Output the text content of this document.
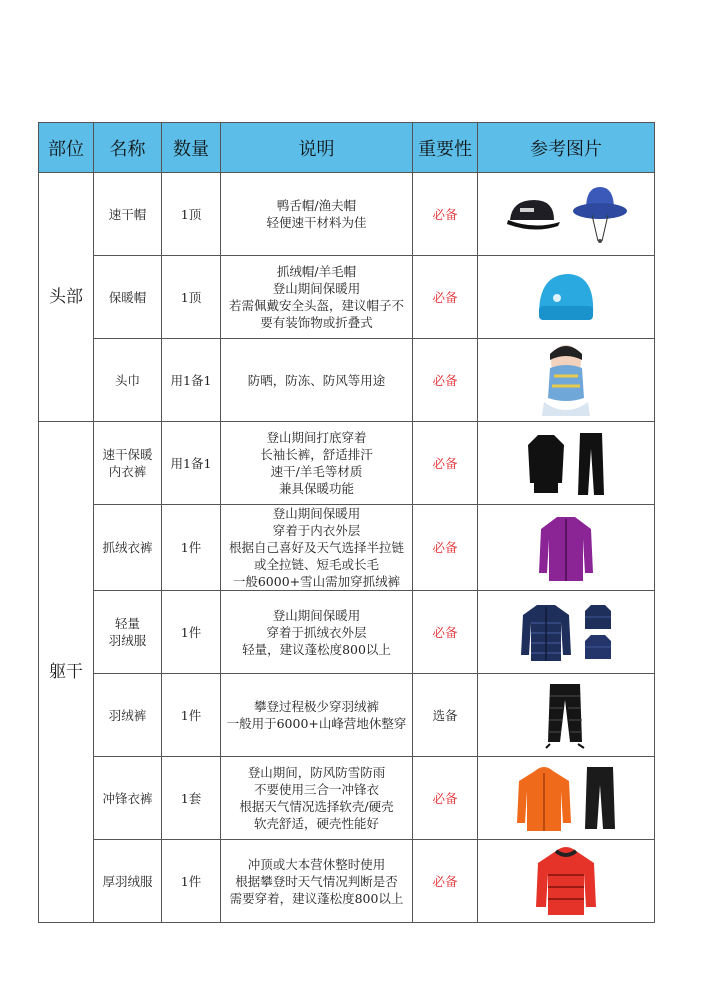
部位	名称	数量	说明	重要性	参考图片
头部	速干帽	1顶	鸭舌帽/渔夫帽
轻便速干材料为佳	必备	

	保暖帽	1顶	抓绒帽/羊毛帽
登山期间保暖用
若需佩戴安全头盔，建议帽子不
要有装饰物或折叠式	必备	

	头巾	用1备1	防晒，防冻、防风等用途	必备	

躯干	速干保暖
内衣裤	用1备1	登山期间打底穿着
长袖长裤，舒适排汗
速干/羊毛等材质
兼具保暖功能	必备	

	抓绒衣裤	1件	登山期间保暖用
穿着于内衣外层
根据自己喜好及天气选择半拉链
或全拉链、短毛或长毛
一般6000+雪山需加穿抓绒裤	必备	

	轻量
羽绒服	1件	登山期间保暖用
穿着于抓绒衣外层
轻量，建议蓬松度800以上	必备	

	羽绒裤	1件	攀登过程极少穿羽绒裤
一般用于6000+山峰营地休整穿	选备	

	冲锋衣裤	1套	登山期间，防风防雪防雨
不要使用三合一冲锋衣
根据天气情况选择软壳/硬壳
软壳舒适，硬壳性能好	必备	

	厚羽绒服	1件	冲顶或大本营休整时使用
根据攀登时天气情况判断是否
需要穿着，建议蓬松度800以上	必备	
